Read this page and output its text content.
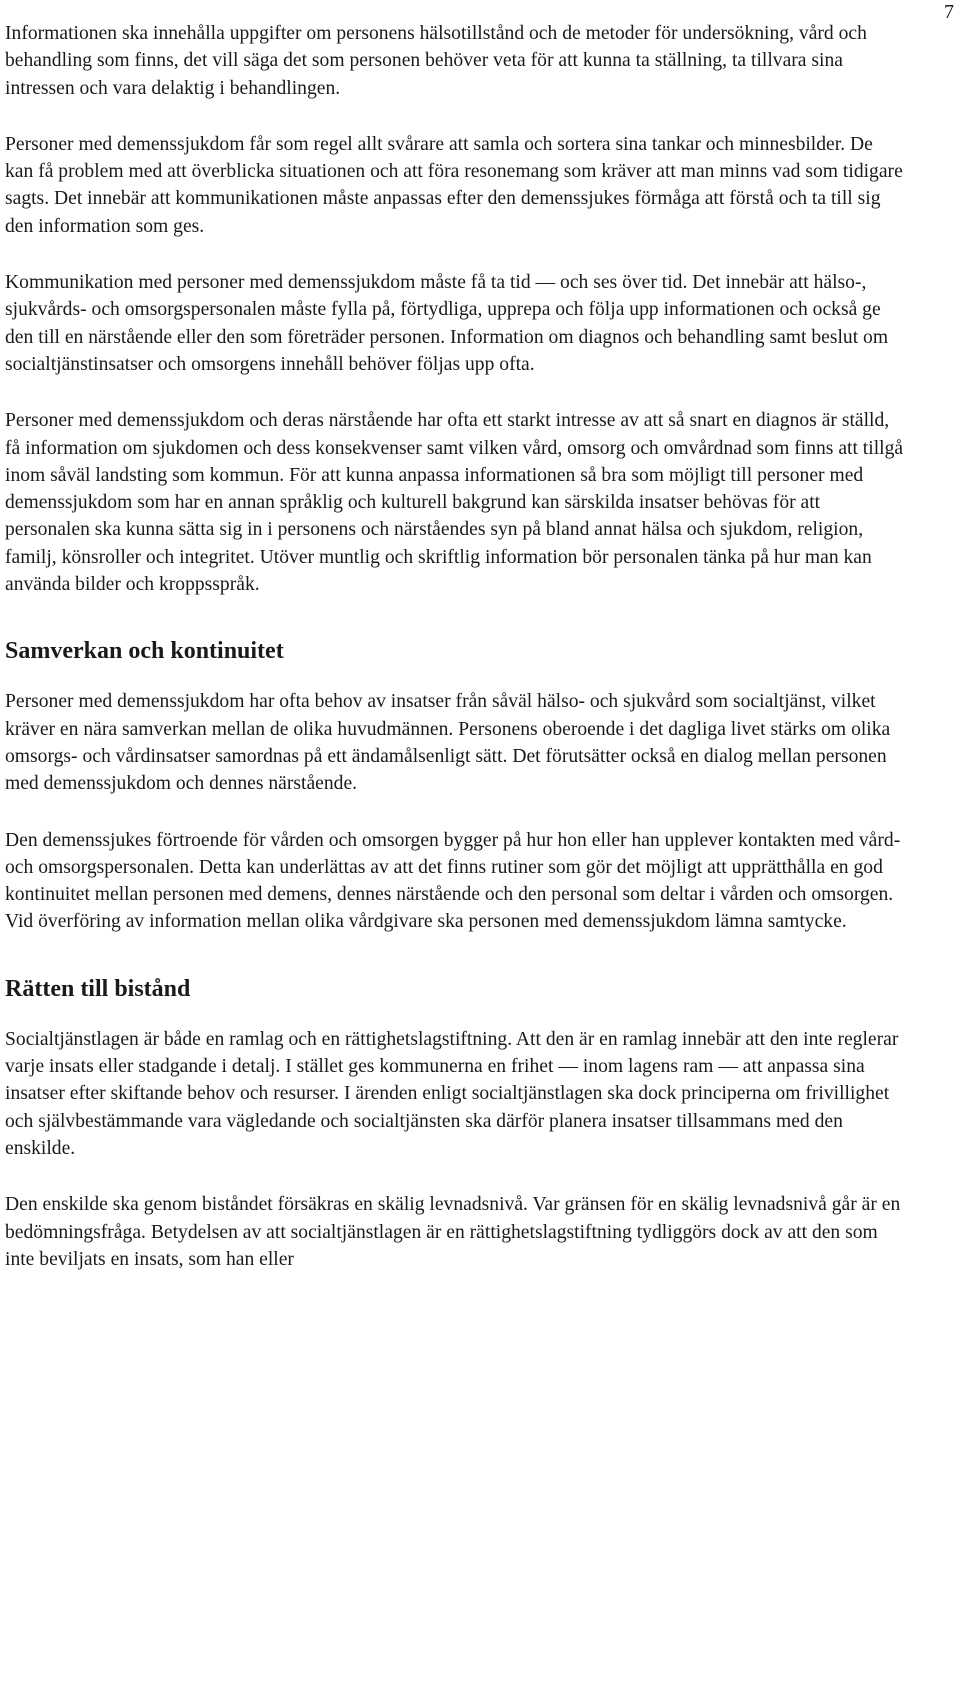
7

Informationen ska innehålla uppgifter om personens hälsotillstånd och de metoder för undersökning, vård och behandling som finns, det vill säga det som personen behöver veta för att kunna ta ställning, ta tillvara sina intressen och vara delaktig i behandlingen.

Personer med demenssjukdom får som regel allt svårare att samla och sortera sina tankar och minnesbilder. De kan få problem med att överblicka situationen och att föra resonemang som kräver att man minns vad som tidigare sagts. Det innebär att kommunikationen måste anpassas efter den demenssjukes förmåga att förstå och ta till sig den information som ges.

Kommunikation med personer med demenssjukdom måste få ta tid — och ses över tid. Det innebär att hälso-, sjukvårds- och omsorgspersonalen måste fylla på, förtydliga, upprepa och följa upp informationen och också ge den till en närstående eller den som företräder personen. Information om diagnos och behandling samt beslut om socialtjänstinsatser och omsorgens innehåll behöver följas upp ofta.

Personer med demenssjukdom och deras närstående har ofta ett starkt intresse av att så snart en diagnos är ställd, få information om sjukdomen och dess konsekvenser samt vilken vård, omsorg och omvårdnad som finns att tillgå inom såväl landsting som kommun. För att kunna anpassa informationen så bra som möjligt till personer med demenssjukdom som har en annan språklig och kulturell bakgrund kan särskilda insatser behövas för att personalen ska kunna sätta sig in i personens och närståendes syn på bland annat hälsa och sjukdom, religion, familj, könsroller och integritet. Utöver muntlig och skriftlig information bör personalen tänka på hur man kan använda bilder och kroppsspråk.

Samverkan och kontinuitet

Personer med demenssjukdom har ofta behov av insatser från såväl hälso- och sjukvård som socialtjänst, vilket kräver en nära samverkan mellan de olika huvudmännen. Personens oberoende i det dagliga livet stärks om olika omsorgs- och vårdinsatser samordnas på ett ändamålsenligt sätt. Det förutsätter också en dialog mellan personen med demenssjukdom och dennes närstående.

Den demenssjukes förtroende för vården och omsorgen bygger på hur hon eller han upplever kontakten med vård- och omsorgspersonalen. Detta kan underlättas av att det finns rutiner som gör det möjligt att upprätthålla en god kontinuitet mellan personen med demens, dennes närstående och den personal som deltar i vården och omsorgen. Vid överföring av information mellan olika vårdgivare ska personen med demenssjukdom lämna samtycke.

Rätten till bistånd

Socialtjänstlagen är både en ramlag och en rättighetslagstiftning. Att den är en ramlag innebär att den inte reglerar varje insats eller stadgande i detalj. I stället ges kommunerna en frihet — inom lagens ram — att anpassa sina insatser efter skiftande behov och resurser. I ärenden enligt socialtjänstlagen ska dock principerna om frivillighet och självbestämmande vara vägledande och socialtjänsten ska därför planera insatser tillsammans med den enskilde.

Den enskilde ska genom biståndet försäkras en skälig levnadsnivå. Var gränsen för en skälig levnadsnivå går är en bedömningsfråga. Betydelsen av att socialtjänstlagen är en rättighetslagstiftning tydliggörs dock av att den som inte beviljats en insats, som han eller
